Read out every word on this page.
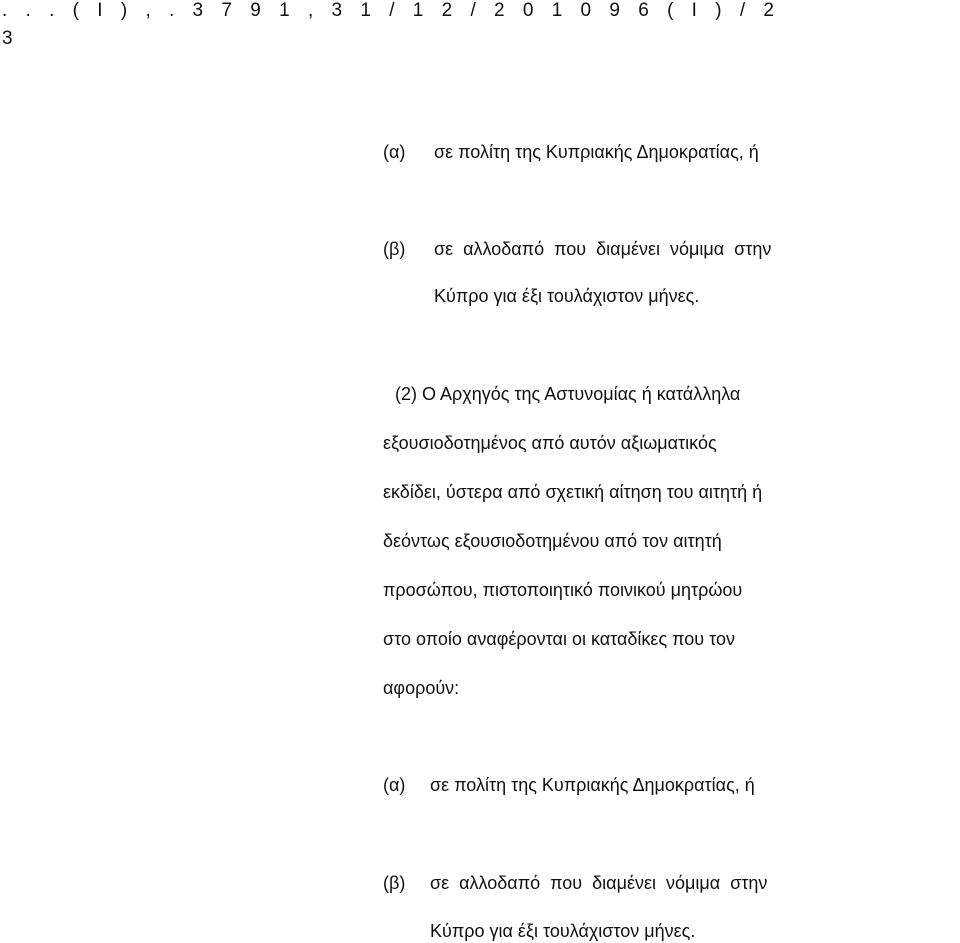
. . . ( Ι ) , . 3 7 9 1 , 3 1 / 1 2 / 2 0 1 0 9 6 ( Ι ) / 2
3
(α) σε πολίτη της Κυπριακής Δημοκρατίας, ή
(β) σε αλλοδαπό που διαμένει νόμιμα στην
Κύπρο για έξι τουλάχιστον μήνες.
(2) Ο Αρχηγός της Αστυνομίας ή κατάλληλα
εξουσιοδοτημένος από αυτόν αξιωματικός
εκδίδει, ύστερα από σχετική αίτηση του αιτητή ή
δεόντως εξουσιοδοτημένου από τον αιτητή
προσώπου, πιστοποιητικό ποινικού μητρώου
στο οποίο αναφέρονται οι καταδίκες που τον
αφορούν:
(α) σε πολίτη της Κυπριακής Δημοκρατίας, ή
(β) σε αλλοδαπό που διαμένει νόμιμα στην
Κύπρο για έξι τουλάχιστον μήνες.
